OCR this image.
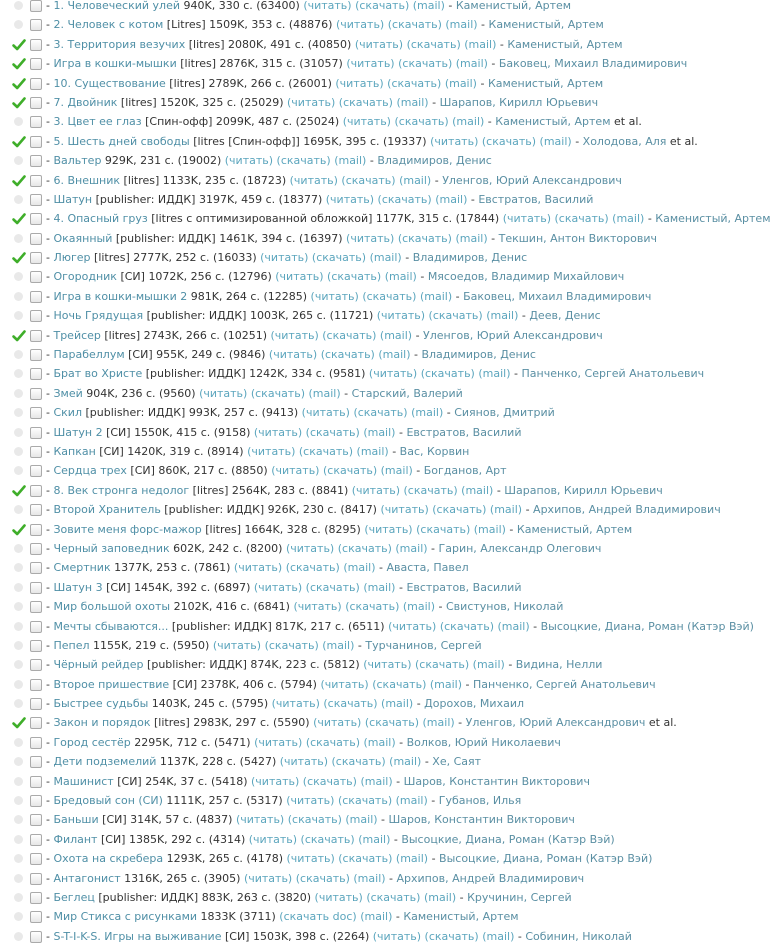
- 1. Человеческий улей 940K, 330 с. (63400) (читать) (скачать) (mail) - Каменистый, Артем
- 2. Человек с котом [Litres] 1509K, 353 с. (48876) (читать) (скачать) (mail) - Каменистый, Артем
- 3. Территория везучих [litres] 2080K, 491 с. (40850) (читать) (скачать) (mail) - Каменистый, Артем
- Игра в кошки-мышки [litres] 2876K, 315 с. (31057) (читать) (скачать) (mail) - Баковец, Михаил Владимирович
- 10. Существование [litres] 2789K, 266 с. (26001) (читать) (скачать) (mail) - Каменистый, Артем
- 7. Двойник [litres] 1520K, 325 с. (25029) (читать) (скачать) (mail) - Шарапов, Кирилл Юрьевич
- 3. Цвет ее глаз [Спин-офф] 2099K, 487 с. (25024) (читать) (скачать) (mail) - Каменистый, Артем et al.
- 5. Шесть дней свободы [litres [Спин-офф]] 1695K, 395 с. (19337) (читать) (скачать) (mail) - Холодова, Аля et al.
- Вальтер 929K, 231 с. (19002) (читать) (скачать) (mail) - Владимиров, Денис
- 6. Внешник [litres] 1133K, 235 с. (18723) (читать) (скачать) (mail) - Уленгов, Юрий Александрович
- Шатун [publisher: ИДДК] 3197K, 459 с. (18377) (читать) (скачать) (mail) - Евстратов, Василий
- 4. Опасный груз [litres с оптимизированной обложкой] 1177K, 315 с. (17844) (читать) (скачать) (mail) - Каменистый, Артем
- Окаянный [publisher: ИДДК] 1461K, 394 с. (16397) (читать) (скачать) (mail) - Текшин, Антон Викторович
- Люгер [litres] 2777K, 252 с. (16033) (читать) (скачать) (mail) - Владимиров, Денис
- Огородник [СИ] 1072K, 256 с. (12796) (читать) (скачать) (mail) - Мясоедов, Владимир Михайлович
- Игра в кошки-мышки 2 981K, 264 с. (12285) (читать) (скачать) (mail) - Баковец, Михаил Владимирович
- Ночь Грядущая [publisher: ИДДК] 1003K, 265 с. (11721) (читать) (скачать) (mail) - Деев, Денис
- Трейсер [litres] 2743K, 266 с. (10251) (читать) (скачать) (mail) - Уленгов, Юрий Александрович
- Парабеллум [СИ] 955K, 249 с. (9846) (читать) (скачать) (mail) - Владимиров, Денис
- Брат во Христе [publisher: ИДДК] 1242K, 334 с. (9581) (читать) (скачать) (mail) - Панченко, Сергей Анатольевич
- Змей 904K, 236 с. (9560) (читать) (скачать) (mail) - Старский, Валерий
- Скил [publisher: ИДДК] 993K, 257 с. (9413) (читать) (скачать) (mail) - Сиянов, Дмитрий
- Шатун 2 [СИ] 1550K, 415 с. (9158) (читать) (скачать) (mail) - Евстратов, Василий
- Капкан [СИ] 1420K, 319 с. (8914) (читать) (скачать) (mail) - Вас, Корвин
- Сердца трех [СИ] 860K, 217 с. (8850) (читать) (скачать) (mail) - Богданов, Арт
- 8. Век стронга недолог [litres] 2564K, 283 с. (8841) (читать) (скачать) (mail) - Шарапов, Кирилл Юрьевич
- Второй Хранитель [publisher: ИДДК] 926K, 230 с. (8417) (читать) (скачать) (mail) - Архипов, Андрей Владимирович
- Зовите меня форс-мажор [litres] 1664K, 328 с. (8295) (читать) (скачать) (mail) - Каменистый, Артем
- Черный заповедник 602K, 242 с. (8200) (читать) (скачать) (mail) - Гарин, Александр Олегович
- Смертник 1377K, 253 с. (7861) (читать) (скачать) (mail) - Аваста, Павел
- Шатун 3 [СИ] 1454K, 392 с. (6897) (читать) (скачать) (mail) - Евстратов, Василий
- Мир большой охоты 2102K, 416 с. (6841) (читать) (скачать) (mail) - Свистунов, Николай
- Мечты сбываются... [publisher: ИДДК] 817K, 217 с. (6511) (читать) (скачать) (mail) - Высоцкие, Диана, Роман (Катэр Вэй)
- Пепел 1155K, 219 с. (5950) (читать) (скачать) (mail) - Турчанинов, Сергей
- Чёрный рейдер [publisher: ИДДК] 874K, 223 с. (5812) (читать) (скачать) (mail) - Видина, Нелли
- Второе пришествие [СИ] 2378K, 406 с. (5794) (читать) (скачать) (mail) - Панченко, Сергей Анатольевич
- Быстрее судьбы 1403K, 245 с. (5795) (читать) (скачать) (mail) - Дорохов, Михаил
- Закон и порядок [litres] 2983K, 297 с. (5590) (читать) (скачать) (mail) - Уленгов, Юрий Александрович et al.
- Город сестёр 2295K, 712 с. (5471) (читать) (скачать) (mail) - Волков, Юрий Николаевич
- Дети подземелий 1137K, 228 с. (5427) (читать) (скачать) (mail) - Хе, Саят
- Машинист [СИ] 254K, 37 с. (5418) (читать) (скачать) (mail) - Шаров, Константин Викторович
- Бредовый сон (СИ) 1111K, 257 с. (5317) (читать) (скачать) (mail) - Губанов, Илья
- Баньши [СИ] 314K, 57 с. (4837) (читать) (скачать) (mail) - Шаров, Константин Викторович
- Филант [СИ] 1385K, 292 с. (4314) (читать) (скачать) (mail) - Высоцкие, Диана, Роман (Катэр Вэй)
- Охота на скребера 1293K, 265 с. (4178) (читать) (скачать) (mail) - Высоцкие, Диана, Роман (Катэр Вэй)
- Антагонист 1316K, 265 с. (3905) (читать) (скачать) (mail) - Архипов, Андрей Владимирович
- Беглец [publisher: ИДДК] 883K, 263 с. (3820) (читать) (скачать) (mail) - Кручинин, Сергей
- Мир Стикса с рисунками 1833K (3711) (скачать doc) (mail) - Каменистый, Артем
- S-T-I-K-S. Игры на выживание [СИ] 1503K, 398 с. (2264) (читать) (скачать) (mail) - Собинин, Николай
